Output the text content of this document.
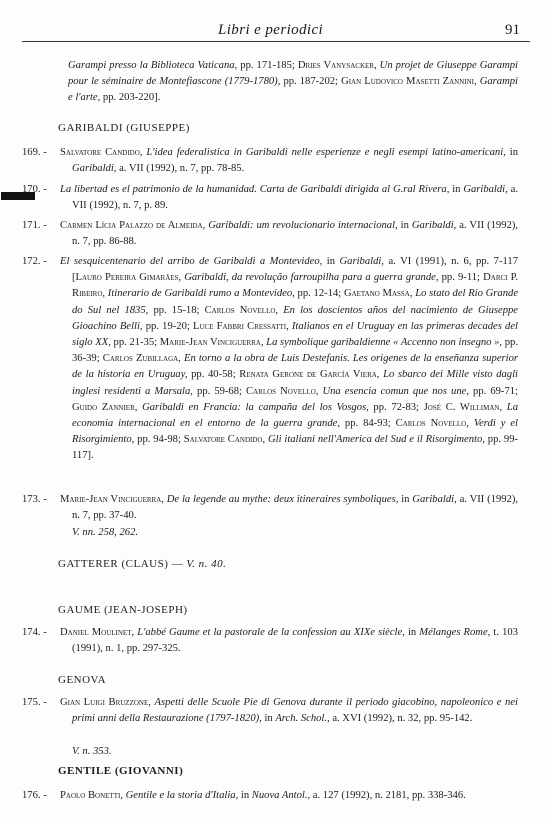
Libri e periodici	91
Garampi presso la Biblioteca Vaticana, pp. 171-185; Dries Vanysacker, Un projet de Giuseppe Garampi pour le séminaire de Montefiascone (1779-1780), pp. 187-202; Gian Ludovico Masetti Zannini, Garampi e l'arte, pp. 203-220].
GARIBALDI (GIUSEPPE)
169. -	Salvatore Candido, L'idea federalistica in Garibaldi nelle esperienze e negli esempi latino-americani, in Garibaldi, a. VII (1992), n. 7, pp. 78-85.
170. -	La libertad es el patrimonio de la humanidad. Carta de Garibaldi dirigida al G.ral Rivera, in Garibaldi, a. VII (1992), n. 7, p. 89.
171. -	Carmen Lícia Palazzo de Almeida, Garibaldi: um revolucionario internacional, in Garibaldi, a. VII (1992), n. 7, pp. 86-88.
172. -	El sesquicentenario del arribo de Garibaldi a Montevideo, in Garibaldi, a. VI (1991), n. 6, pp. 7-117 [Lauro Pereira Gimarães, Garibaldi, da revolução farroupilha para a guerra grande, pp. 9-11; Darci P. Ribeiro, Itinerario de Garibaldi rumo a Montevideo, pp. 12-14; Gaetano Massa, Lo stato del Rio Grande do Sul nel 1835, pp. 15-18; Carlos Novello, En los doscientos años del nacimiento de Giuseppe Gioachino Belli, pp. 19-20; Luce Fabbri Cressatti, Italianos en el Uruguay en las primeras decades del siglo XX, pp. 21-35; Marie-Jean Vinciguerra, La symbolique garibaldienne « Accenno non insegno », pp. 36-39; Carlos Zubillaga, En torno a la obra de Luis Destefanis. Les origenes de la enseñanza superior de la historia en Uruguay, pp. 40-58; Renata Gerone de García Viera, Lo sbarco dei Mille visto dagli inglesi residenti a Marsala, pp. 59-68; Carlos Novello, Una esencia comun que nos une, pp. 69-71; Guido Zannier, Garibaldi en Francia: la campaña del los Vosgos, pp. 72-83; José C. Williman, La economia internacional en el entorno de la guerra grande, pp. 84-93; Carlos Novello, Verdi y el Risorgimiento, pp. 94-98; Salvatore Candido, Gli italiani nell'America del Sud e il Risorgimento, pp. 99-117].
173. -	Marie-Jean Vinciguerra, De la legende au mythe: deux itineraires symboliques, in Garibaldi, a. VII (1992), n. 7, pp. 37-40.
V. nn. 258, 262.
GATTERER (CLAUS) — V. n. 40.
GAUME (JEAN-JOSEPH)
174. -	Daniel Moulinet, L'abbé Gaume et la pastorale de la confession au XIXe siècle, in Mélanges Rome, t. 103 (1991), n. 1, pp. 297-325.
GENOVA
175. -	Gian Luigi Bruzzone, Aspetti delle Scuole Pie di Genova durante il periodo giacobino, napoleonico e nei primi anni della Restaurazione (1797-1820), in Arch. Schol., a. XVI (1992), n. 32, pp. 95-142.
V. n. 353.
GENTILE (GIOVANNI)
176. -	Paolo Bonetti, Gentile e la storia d'Italia, in Nuova Antol., a. 127 (1992), n. 2181, pp. 338-346.
